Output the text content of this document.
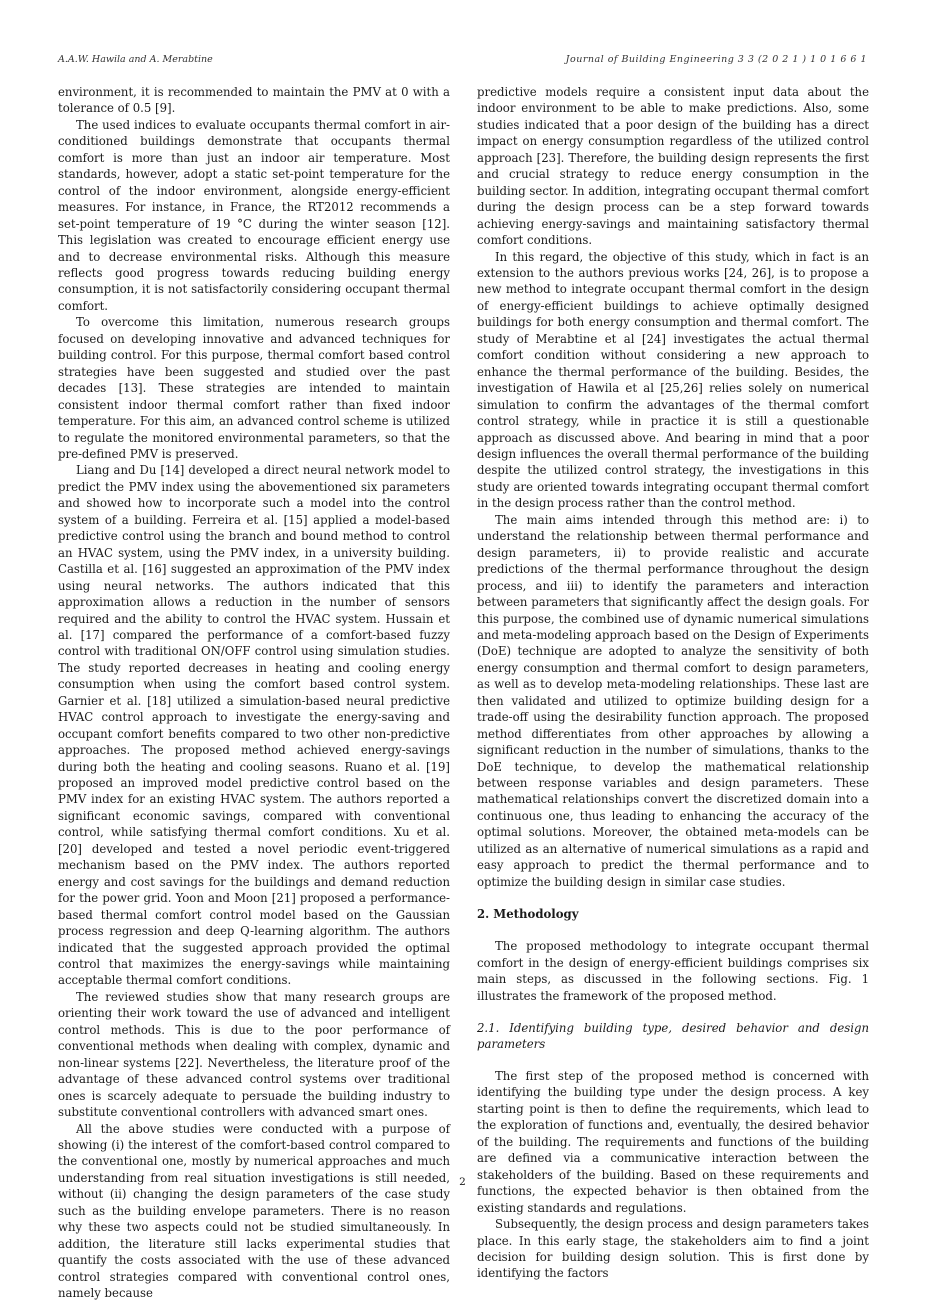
A.A.W. Hawila and A. Merabtine	Journal of Building Engineering 3 3 (2 0 2 1 ) 1 0 1 6 6 1

environment, it is recommended to maintain the PMV at 0 with a tolerance of 0.5 [9].

The used indices to evaluate occupants thermal comfort in air-conditioned buildings demonstrate that occupants thermal comfort is more than just an indoor air temperature. Most standards, however, adopt a static set-point temperature for the control of the indoor environment, alongside energy-efficient measures. For instance, in France, the RT2012 recommends a set-point temperature of 19 °C during the winter season [12]. This legislation was created to encourage efficient energy use and to decrease environmental risks. Although this measure reflects good progress towards reducing building energy consumption, it is not satisfactorily considering occupant thermal comfort.

To overcome this limitation, numerous research groups focused on developing innovative and advanced techniques for building control. For this purpose, thermal comfort based control strategies have been suggested and studied over the past decades [13]. These strategies are intended to maintain consistent indoor thermal comfort rather than fixed indoor temperature. For this aim, an advanced control scheme is utilized to regulate the monitored environmental parameters, so that the pre-defined PMV is preserved.

Liang and Du [14] developed a direct neural network model to predict the PMV index using the abovementioned six parameters and showed how to incorporate such a model into the control system of a building. Ferreira et al. [15] applied a model-based predictive control using the branch and bound method to control an HVAC system, using the PMV index, in a university building. Castilla et al. [16] suggested an approximation of the PMV index using neural networks. The authors indicated that this approximation allows a reduction in the number of sensors required and the ability to control the HVAC system. Hussain et al. [17] compared the performance of a comfort-based fuzzy control with traditional ON/OFF control using simulation studies. The study reported decreases in heating and cooling energy consumption when using the comfort based control system. Garnier et al. [18] utilized a simulation-based neural predictive HVAC control approach to investigate the energy-saving and occupant comfort benefits compared to two other non-predictive approaches. The proposed method achieved energy-savings during both the heating and cooling seasons. Ruano et al. [19] proposed an improved model predictive control based on the PMV index for an existing HVAC system. The authors reported a significant economic savings, compared with conventional control, while satisfying thermal comfort conditions. Xu et al. [20] developed and tested a novel periodic event-triggered mechanism based on the PMV index. The authors reported energy and cost savings for the buildings and demand reduction for the power grid. Yoon and Moon [21] proposed a performance-based thermal comfort control model based on the Gaussian process regression and deep Q-learning algorithm. The authors indicated that the suggested approach provided the optimal control that maximizes the energy-savings while maintaining acceptable thermal comfort conditions.

The reviewed studies show that many research groups are orienting their work toward the use of advanced and intelligent control methods. This is due to the poor performance of conventional methods when dealing with complex, dynamic and non-linear systems [22]. Nevertheless, the literature proof of the advantage of these advanced control systems over traditional ones is scarcely adequate to persuade the building industry to substitute conventional controllers with advanced smart ones.

All the above studies were conducted with a purpose of showing (i) the interest of the comfort-based control compared to the conventional one, mostly by numerical approaches and much understanding from real situation investigations is still needed, without (ii) changing the design parameters of the case study such as the building envelope parameters. There is no reason why these two aspects could not be studied simultaneously. In addition, the literature still lacks experimental studies that quantify the costs associated with the use of these advanced control strategies compared with conventional control ones, namely because

predictive models require a consistent input data about the indoor environment to be able to make predictions. Also, some studies indicated that a poor design of the building has a direct impact on energy consumption regardless of the utilized control approach [23]. Therefore, the building design represents the first and crucial strategy to reduce energy consumption in the building sector. In addition, integrating occupant thermal comfort during the design process can be a step forward towards achieving energy-savings and maintaining satisfactory thermal comfort conditions.

In this regard, the objective of this study, which in fact is an extension to the authors previous works [24, 26], is to propose a new method to integrate occupant thermal comfort in the design of energy-efficient buildings to achieve optimally designed buildings for both energy consumption and thermal comfort. The study of Merabtine et al [24] investigates the actual thermal comfort condition without considering a new approach to enhance the thermal performance of the building. Besides, the investigation of Hawila et al [25,26] relies solely on numerical simulation to confirm the advantages of the thermal comfort control strategy, while in practice it is still a questionable approach as discussed above. And bearing in mind that a poor design influences the overall thermal performance of the building despite the utilized control strategy, the investigations in this study are oriented towards integrating occupant thermal comfort in the design process rather than the control method.

The main aims intended through this method are: i) to understand the relationship between thermal performance and design parameters, ii) to provide realistic and accurate predictions of the thermal performance throughout the design process, and iii) to identify the parameters and interaction between parameters that significantly affect the design goals. For this purpose, the combined use of dynamic numerical simulations and meta-modeling approach based on the Design of Experiments (DoE) technique are adopted to analyze the sensitivity of both energy consumption and thermal comfort to design parameters, as well as to develop meta-modeling relationships. These last are then validated and utilized to optimize building design for a trade-off using the desirability function approach. The proposed method differentiates from other approaches by allowing a significant reduction in the number of simulations, thanks to the DoE technique, to develop the mathematical relationship between response variables and design parameters. These mathematical relationships convert the discretized domain into a continuous one, thus leading to enhancing the accuracy of the optimal solutions. Moreover, the obtained meta-models can be utilized as an alternative of numerical simulations as a rapid and easy approach to predict the thermal performance and to optimize the building design in similar case studies.

2. Methodology

The proposed methodology to integrate occupant thermal comfort in the design of energy-efficient buildings comprises six main steps, as discussed in the following sections. Fig. 1 illustrates the framework of the proposed method.

2.1. Identifying building type, desired behavior and design parameters

The first step of the proposed method is concerned with identifying the building type under the design process. A key starting point is then to define the requirements, which lead to the exploration of functions and, eventually, the desired behavior of the building. The requirements and functions of the building are defined via a communicative interaction between the stakeholders of the building. Based on these requirements and functions, the expected behavior is then obtained from the existing standards and regulations.

Subsequently, the design process and design parameters takes place. In this early stage, the stakeholders aim to find a joint decision for building design solution. This is first done by identifying the factors

2
